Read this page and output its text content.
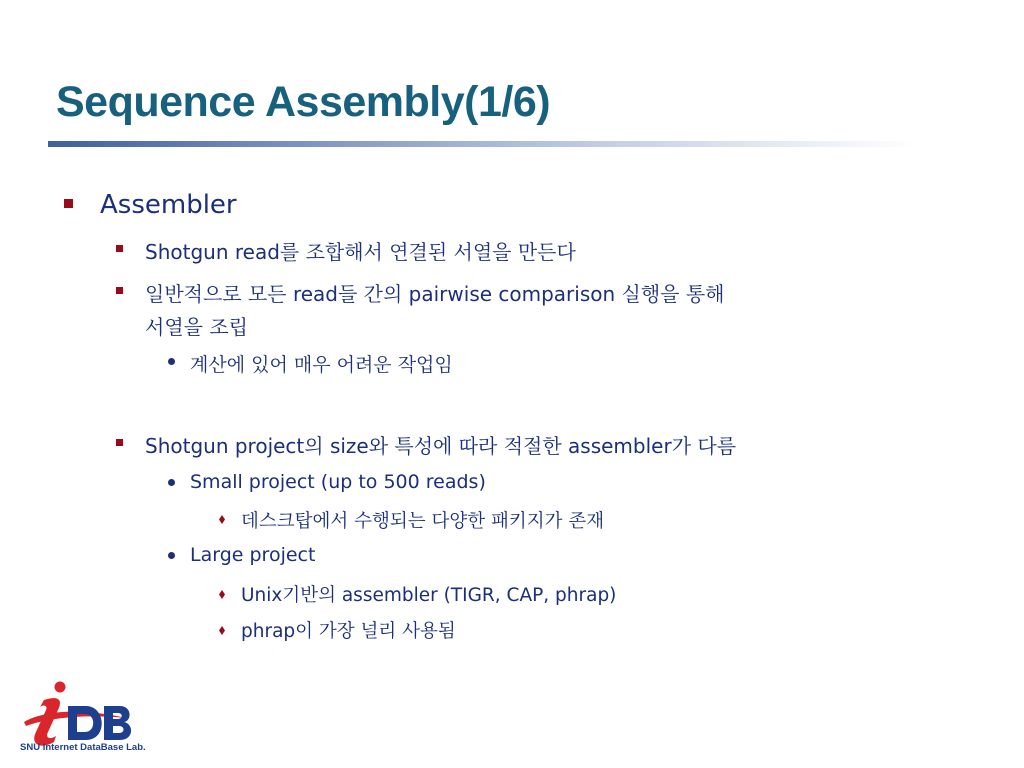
Sequence Assembly(1/6)
Assembler
Shotgun read를 조합해서 연결된 서열을 만든다
일반적으로 모든 read들 간의 pairwise comparison 실행을 통해
서열을 조립
계산에 있어 매우 어려운 작업임
Shotgun project의 size와 특성에 따라 적절한 assembler가 다름
Small project (up to 500 reads)
데스크탑에서 수행되는 다양한 패키지가 존재
Large project
Unix기반의 assembler (TIGR, CAP, phrap)
phrap이 가장 널리 사용됨
SNU Internet DataBase Lab.
